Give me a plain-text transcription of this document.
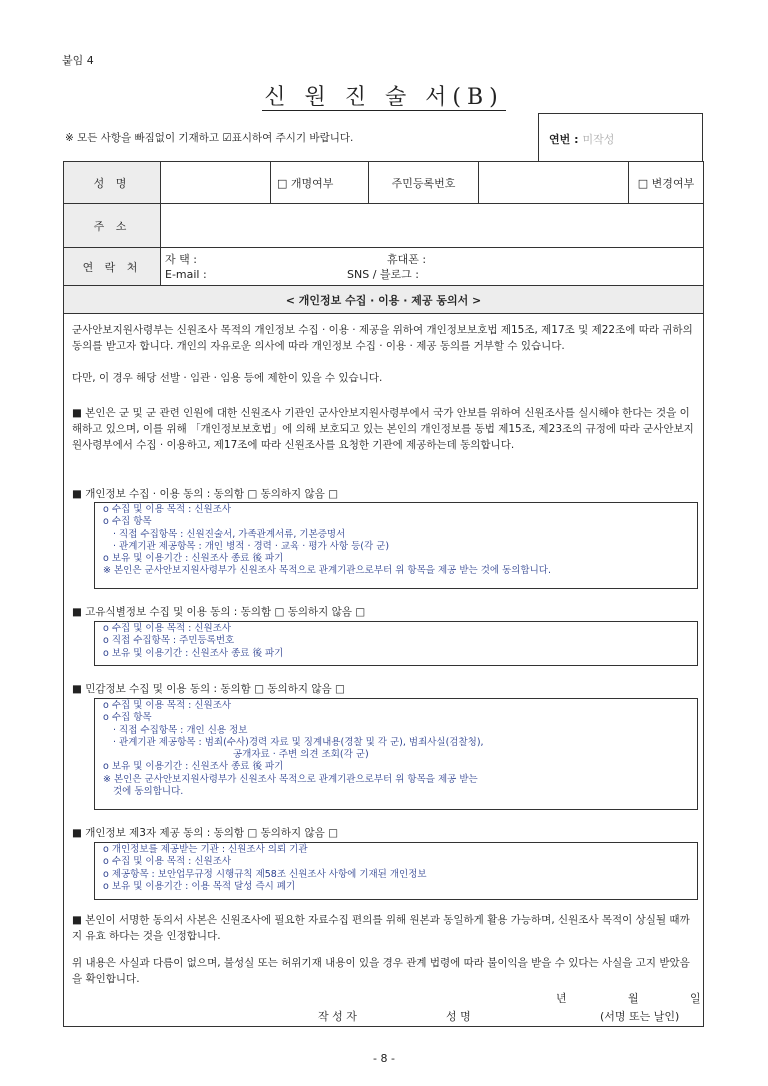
붙임 4
신 원 진 술 서(B)
※ 모든 사항을 빠짐없이 기재하고 ☑표시하여 주시기 바랍니다.	연번 : 미작성
성 명		□ 개명여부	주민등록번호		□ 변경여부
주 소					
연 락 처	자 택 : 휴대폰 :
E-mail : SNS / 블로그 :				

< 개인정보 수집 · 이용 · 제공 동의서 >					
군사안보지원사령부는 신원조사 목적의 개인정보 수집 · 이용 · 제공을 위하여 개인정보보호법 제15조, 제17조 및 제22조에 따라 귀하의 동의를 받고자 합니다. 개인의 자유로운 의사에 따라 개인정보 수집 · 이용 · 제공 동의를 거부할 수 있습니다.
다만, 이 경우 해당 선발 · 임관 · 임용 등에 제한이 있을 수 있습니다.
■ 본인은 군 및 군 관련 인원에 대한 신원조사 기관인 군사안보지원사령부에서 국가 안보를 위하여 신원조사를 실시해야 한다는 것을 이해하고 있으며, 이를 위해 「개인정보보호법」에 의해 보호되고 있는 본인의 개인정보를 동법 제15조, 제23조의 규정에 따라 군사안보지원사령부에서 수집 · 이용하고, 제17조에 따라 신원조사를 요청한 기관에 제공하는데 동의합니다.
■ 개인정보 수집 · 이용 동의 : 동의함 □ 동의하지 않음 □
o 수집 및 이용 목적 : 신원조사
o 수집 항목
· 직접 수집항목 : 신원진술서, 가족관계서류, 기본증명서
· 관계기관 제공항목 : 개인 병적 · 경력 · 교육 · 평가 사항 등(각 군)
o 보유 및 이용기간 : 신원조사 종료 後 파기
※ 본인은 군사안보지원사령부가 신원조사 목적으로 관계기관으로부터 위 항목을 제공 받는 것에 동의합니다.
■ 고유식별정보 수집 및 이용 동의 : 동의함 □ 동의하지 않음 □
o 수집 및 이용 목적 : 신원조사
o 직접 수집항목 : 주민등록번호
o 보유 및 이용기간 : 신원조사 종료 後 파기
■ 민감정보 수집 및 이용 동의 : 동의함 □ 동의하지 않음 □
o 수집 및 이용 목적 : 신원조사
o 수집 항목
· 직접 수집항목 : 개인 신용 정보
· 관계기관 제공항목 : 범죄(수사)경력 자료 및 징계내용(경찰 및 각 군), 범죄사실(검찰청),
공개자료 · 주변 의견 조회(각 군)
o 보유 및 이용기간 : 신원조사 종료 後 파기
※ 본인은 군사안보지원사령부가 신원조사 목적으로 관계기관으로부터 위 항목을 제공 받는
것에 동의합니다.
■ 개인정보 제3자 제공 동의 : 동의함 □ 동의하지 않음 □
o 개인정보를 제공받는 기관 : 신원조사 의뢰 기관
o 수집 및 이용 목적 : 신원조사
o 제공항목 : 보안업무규정 시행규칙 제58조 신원조사 사항에 기재된 개인정보
o 보유 및 이용기간 : 이용 목적 달성 즉시 폐기
■ 본인이 서명한 동의서 사본은 신원조사에 필요한 자료수집 편의를 위해 원본과 동일하게 활용 가능하며, 신원조사 목적이 상실될 때까지 유효 하다는 것을 인정합니다.
위 내용은 사실과 다름이 없으며, 불성실 또는 허위기재 내용이 있을 경우 관계 법령에 따라 불이익을 받을 수 있다는 사실을 고지 받았음을 확인합니다.
년	월	일
작 성 자	성 명	(서명 또는 날인)
- 8 -
